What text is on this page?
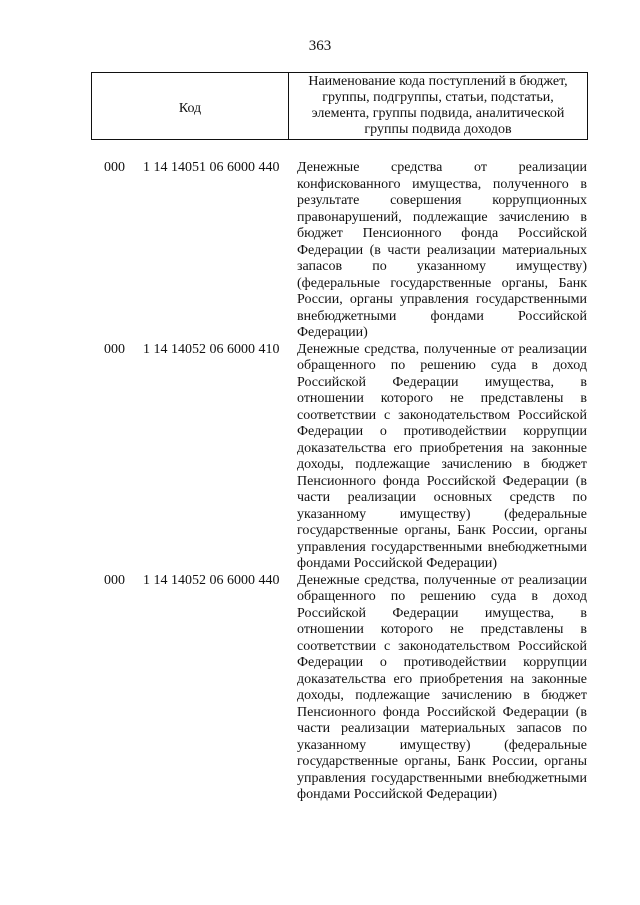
363
Код
Наименование кода поступлений в бюджет, группы, подгруппы, статьи, подстатьи, элемента, группы подвида, аналитической группы подвида доходов
000 1 14 14051 06 6000 440 Денежные средства от реализации конфискованного имущества, полученного в результате совершения коррупционных правонарушений, подлежащие зачислению в бюджет Пенсионного фонда Российской Федерации (в части реализации материальных запасов по указанному имуществу) (федеральные государственные органы, Банк России, органы управления государственными внебюджетными фондами Российской Федерации)
000 1 14 14052 06 6000 410 Денежные средства, полученные от реализации обращенного по решению суда в доход Российской Федерации имущества, в отношении которого не представлены в соответствии с законодательством Российской Федерации о противодействии коррупции доказательства его приобретения на законные доходы, подлежащие зачислению в бюджет Пенсионного фонда Российской Федерации (в части реализации основных средств по указанному имуществу) (федеральные государственные органы, Банк России, органы управления государственными внебюджетными фондами Российской Федерации)
000 1 14 14052 06 6000 440 Денежные средства, полученные от реализации обращенного по решению суда в доход Российской Федерации имущества, в отношении которого не представлены в соответствии с законодательством Российской Федерации о противодействии коррупции доказательства его приобретения на законные доходы, подлежащие зачислению в бюджет Пенсионного фонда Российской Федерации (в части реализации материальных запасов по указанному имуществу) (федеральные государственные органы, Банк России, органы управления государственными внебюджетными фондами Российской Федерации)
